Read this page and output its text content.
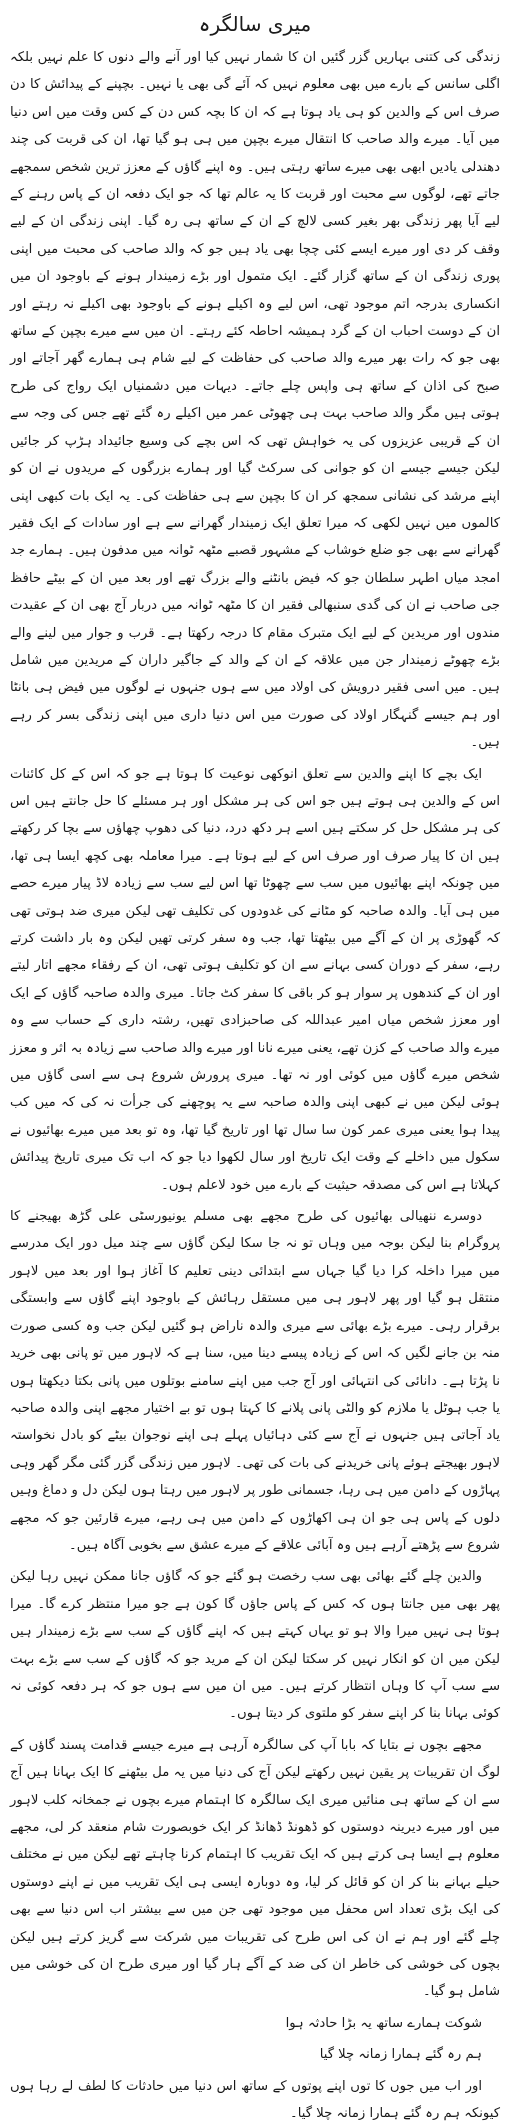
میری سالگرہ

زندگی کی کتنی بہاریں گزر گئیں ان کا شمار نہیں کیا اور آنے والے دنوں کا علم نہیں بلکہ اگلی سانس کے بارے میں بھی معلوم نہیں کہ آئے گی بھی یا نہیں۔ بچپنے کے پیدائش کا دن صرف اس کے والدین کو ہی یاد ہوتا ہے کہ ان کا بچہ کس دن کے کس وقت میں اس دنیا میں آیا۔ میرے والد صاحب کا انتقال میرے بچپن میں ہی ہو گیا تھا، ان کی قربت کی چند دھندلی یادیں ابھی بھی میرے ساتھ رہتی ہیں۔ وہ اپنے گاؤں کے معزز ترین شخص سمجھے جاتے تھے، لوگوں سے محبت اور قربت کا یہ عالم تھا کہ جو ایک دفعہ ان کے پاس رہنے کے لیے آیا پھر زندگی بھر بغیر کسی لالچ کے ان کے ساتھ ہی رہ گیا۔ اپنی زندگی ان کے لیے وقف کر دی اور میرے ایسے کئی چچا بھی یاد ہیں جو کہ والد صاحب کی محبت میں اپنی پوری زندگی ان کے ساتھ گزار گئے۔ ایک متمول اور بڑے زمیندار ہونے کے باوجود ان میں انکساری بدرجہ اتم موجود تھی، اس لیے وہ اکیلے ہونے کے باوجود بھی اکیلے نہ رہتے اور ان کے دوست احباب ان کے گرد ہمیشہ احاطہ کئے رہتے۔ ان میں سے میرے بچپن کے ساتھ بھی جو کہ رات بھر میرے والد صاحب کی حفاظت کے لیے شام ہی ہمارے گھر آجاتے اور صبح کی اذان کے ساتھ ہی واپس چلے جاتے۔ دیہات میں دشمنیاں ایک رواج کی طرح ہوتی ہیں مگر والد صاحب بہت ہی چھوٹی عمر میں اکیلے رہ گئے تھے جس کی وجہ سے ان کے قریبی عزیزوں کی یہ خواہش تھی کہ اس بچے کی وسیع جائیداد ہڑپ کر جائیں لیکن جیسے جیسے ان کو جوانی کی سرکٹ گیا اور ہمارے بزرگوں کے مریدوں نے ان کو اپنے مرشد کی نشانی سمجھ کر ان کا بچپن سے ہی حفاظت کی۔ یہ ایک بات کبھی اپنی کالموں میں نہیں لکھی کہ میرا تعلق ایک زمیندار گھرانے سے ہے اور سادات کے ایک فقیر گھرانے سے بھی جو ضلع خوشاب کے مشہور قصبے مٹھہ ٹوانہ میں مدفون ہیں۔ ہمارے جد امجد میاں اطہر سلطان جو کہ فیض بانٹنے والے بزرگ تھے اور بعد میں ان کے بیٹے حافظ جی صاحب نے ان کی گدی سنبھالی فقیر ان کا مٹھہ ٹوانہ میں دربار آج بھی ان کے عقیدت مندوں اور مریدین کے لیے ایک متبرک مقام کا درجہ رکھتا ہے۔ قرب و جوار میں لینے والے بڑے چھوٹے زمیندار جن میں علاقہ کے ان کے والد کے جاگیر داران کے مریدین میں شامل ہیں۔ میں اسی فقیر درویش کی اولاد میں سے ہوں جنہوں نے لوگوں میں فیض ہی بانٹا اور ہم جیسے گنہگار اولاد کی صورت میں اس دنیا داری میں اپنی زندگی بسر کر رہے ہیں۔

ایک بچے کا اپنے والدین سے تعلق انوکھی نوعیت کا ہوتا ہے جو کہ اس کے کل کائنات اس کے والدین ہی ہوتے ہیں جو اس کی ہر مشکل اور ہر مسئلے کا حل جانتے ہیں اس کی ہر مشکل حل کر سکتے ہیں اسے ہر دکھ درد، دنیا کی دھوپ چھاؤں سے بچا کر رکھتے ہیں ان کا پیار صرف اور صرف اس کے لیے ہوتا ہے۔ میرا معاملہ بھی کچھ ایسا ہی تھا، میں چونکہ اپنے بھائیوں میں سب سے چھوٹا تھا اس لیے سب سے زیادہ لاڈ پیار میرے حصے میں ہی آیا۔ والدہ صاحبہ کو مٹانے کی غدودوں کی تکلیف تھی لیکن میری ضد ہوتی تھی کہ گھوڑی پر ان کے آگے میں بیٹھتا تھا، جب وہ سفر کرتی تھیں لیکن وہ بار داشت کرتے رہے، سفر کے دوران کسی بہانے سے ان کو تکلیف ہوتی تھی، ان کے رفقاء مجھے اتار لیتے اور ان کے کندھوں پر سوار ہو کر باقی کا سفر کٹ جاتا۔ میری والدہ صاحبہ گاؤں کے ایک اور معزز شخص میاں امیر عبداللہ کی صاحبزادی تھیں، رشتہ داری کے حساب سے وہ میرے والد صاحب کے کزن تھے، یعنی میرے نانا اور میرے والد صاحب سے زیادہ بہ اثر و معزز شخص میرے گاؤں میں کوئی اور نہ تھا۔ میری پرورش شروع ہی سے اسی گاؤں میں ہوئی لیکن میں نے کبھی اپنی والدہ صاحبہ سے یہ پوچھنے کی جرأت نہ کی کہ میں کب پیدا ہوا یعنی میری عمر کون سا سال تھا اور تاریخ گیا تھا، وہ تو بعد میں میرے بھائیوں نے سکول میں داخلے کے وقت ایک تاریخ اور سال لکھوا دیا جو کہ اب تک میری تاریخ پیدائش کہلاتا ہے اس کی مصدقہ حیثیت کے بارے میں خود لاعلم ہوں۔

دوسرے ننھیالی بھائیوں کی طرح مجھے بھی مسلم یونیورسٹی علی گڑھ بھیجنے کا پروگرام بنا لیکن بوجہ میں وہاں تو نہ جا سکا لیکن گاؤں سے چند میل دور ایک مدرسے میں میرا داخلہ کرا دیا گیا جہاں سے ابتدائی دینی تعلیم کا آغاز ہوا اور بعد میں لاہور منتقل ہو گیا اور پھر لاہور ہی میں مستقل رہائش کے باوجود اپنے گاؤں سے وابستگی برقرار رہی۔ میرے بڑے بھائی سے میری والدہ ناراض ہو گئیں لیکن جب وہ کسی صورت منہ بن جانے لگیں کہ اس کے زیادہ پیسے دینا میں، سنا ہے کہ لاہور میں تو پانی بھی خرید نا پڑتا ہے۔ دانائی کی انتہائی اور آج جب میں اپنے سامنے بوتلوں میں پانی بکتا دیکھتا ہوں یا جب ہوٹل یا ملازم کو والٹی پانی پلانے کا کہتا ہوں تو بے اختیار مجھے اپنی والدہ صاحبہ یاد آجاتی ہیں جنہوں نے آج سے کئی دہائیاں پہلے ہی اپنے نوجوان بیٹے کو بادل نخواستہ لاہور بھیجتے ہوئے پانی خریدنے کی بات کی تھی۔ لاہور میں زندگی گزر گئی مگر گھر وہی پہاڑوں کے دامن میں ہی رہا، جسمانی طور پر لاہور میں رہتا ہوں لیکن دل و دماغ وہیں دلوں کے پاس ہی جو ان ہی اکھاڑوں کے دامن میں ہی رہے، میرے قارئین جو کہ مجھے شروع سے پڑھتے آرہے ہیں وہ آبائی علاقے کے میرے عشق سے بخوبی آگاہ ہیں۔

والدین چلے گئے بھائی بھی سب رخصت ہو گئے جو کہ گاؤں جانا ممکن نہیں رہا لیکن پھر بھی میں جانتا ہوں کہ کس کے پاس جاؤں گا کون ہے جو میرا منتظر کرے گا۔ میرا ہوتا ہی نہیں میرا والا ہو تو یہاں کہتے ہیں کہ اپنے گاؤں کے سب سے بڑے زمیندار ہیں لیکن میں ان کو انکار نہیں کر سکتا لیکن ان کے مرید جو کہ گاؤں کے سب سے بڑے بہت سے سب آپ کا وہاں انتظار کرتے ہیں۔ میں ان میں سے ہوں جو کہ ہر دفعہ کوئی نہ کوئی بہانا بنا کر اپنے سفر کو ملتوی کر دیتا ہوں۔

مجھے بچوں نے بتایا کہ بابا آپ کی سالگرہ آرہی ہے میرے جیسے قدامت پسند گاؤں کے لوگ ان تقریبات پر یقین نہیں رکھتے لیکن آج کی دنیا میں یہ مل بیٹھنے کا ایک بہانا ہیں آج سے ان کے ساتھ ہی منائیں میری ایک سالگرہ کا اہتمام میرے بچوں نے جمخانہ کلب لاہور میں اور میرے دیرینہ دوستوں کو ڈھونڈ ڈھانڈ کر ایک خوبصورت شام منعقد کر لی، مجھے معلوم ہے ایسا ہی کرتے ہیں کہ ایک تقریب کا اہتمام کرنا چاہتے تھے لیکن میں نے مختلف حیلے بہانے بنا کر ان کو قائل کر لیا، وہ دوبارہ ایسی ہی ایک تقریب میں نے اپنے دوستوں کی ایک بڑی تعداد اس محفل میں موجود تھی جن میں سے بیشتر اب اس دنیا سے بھی چلے گئے اور ہم نے ان کی اس طرح کی تقریبات میں شرکت سے گریز کرتے ہیں لیکن بچوں کی خوشی کی خاطر ان کی ضد کے آگے ہار گیا اور میری طرح ان کی خوشی میں شامل ہو گیا۔

شوکت ہمارے ساتھ یہ بڑا حادثہ ہوا

ہم رہ گئے ہمارا زمانہ چلا گیا

اور اب میں جوں کا توں اپنے پوتوں کے ساتھ اس دنیا میں حادثات کا لطف لے رہا ہوں کیونکہ ہم رہ گئے ہمارا زمانہ چلا گیا۔
